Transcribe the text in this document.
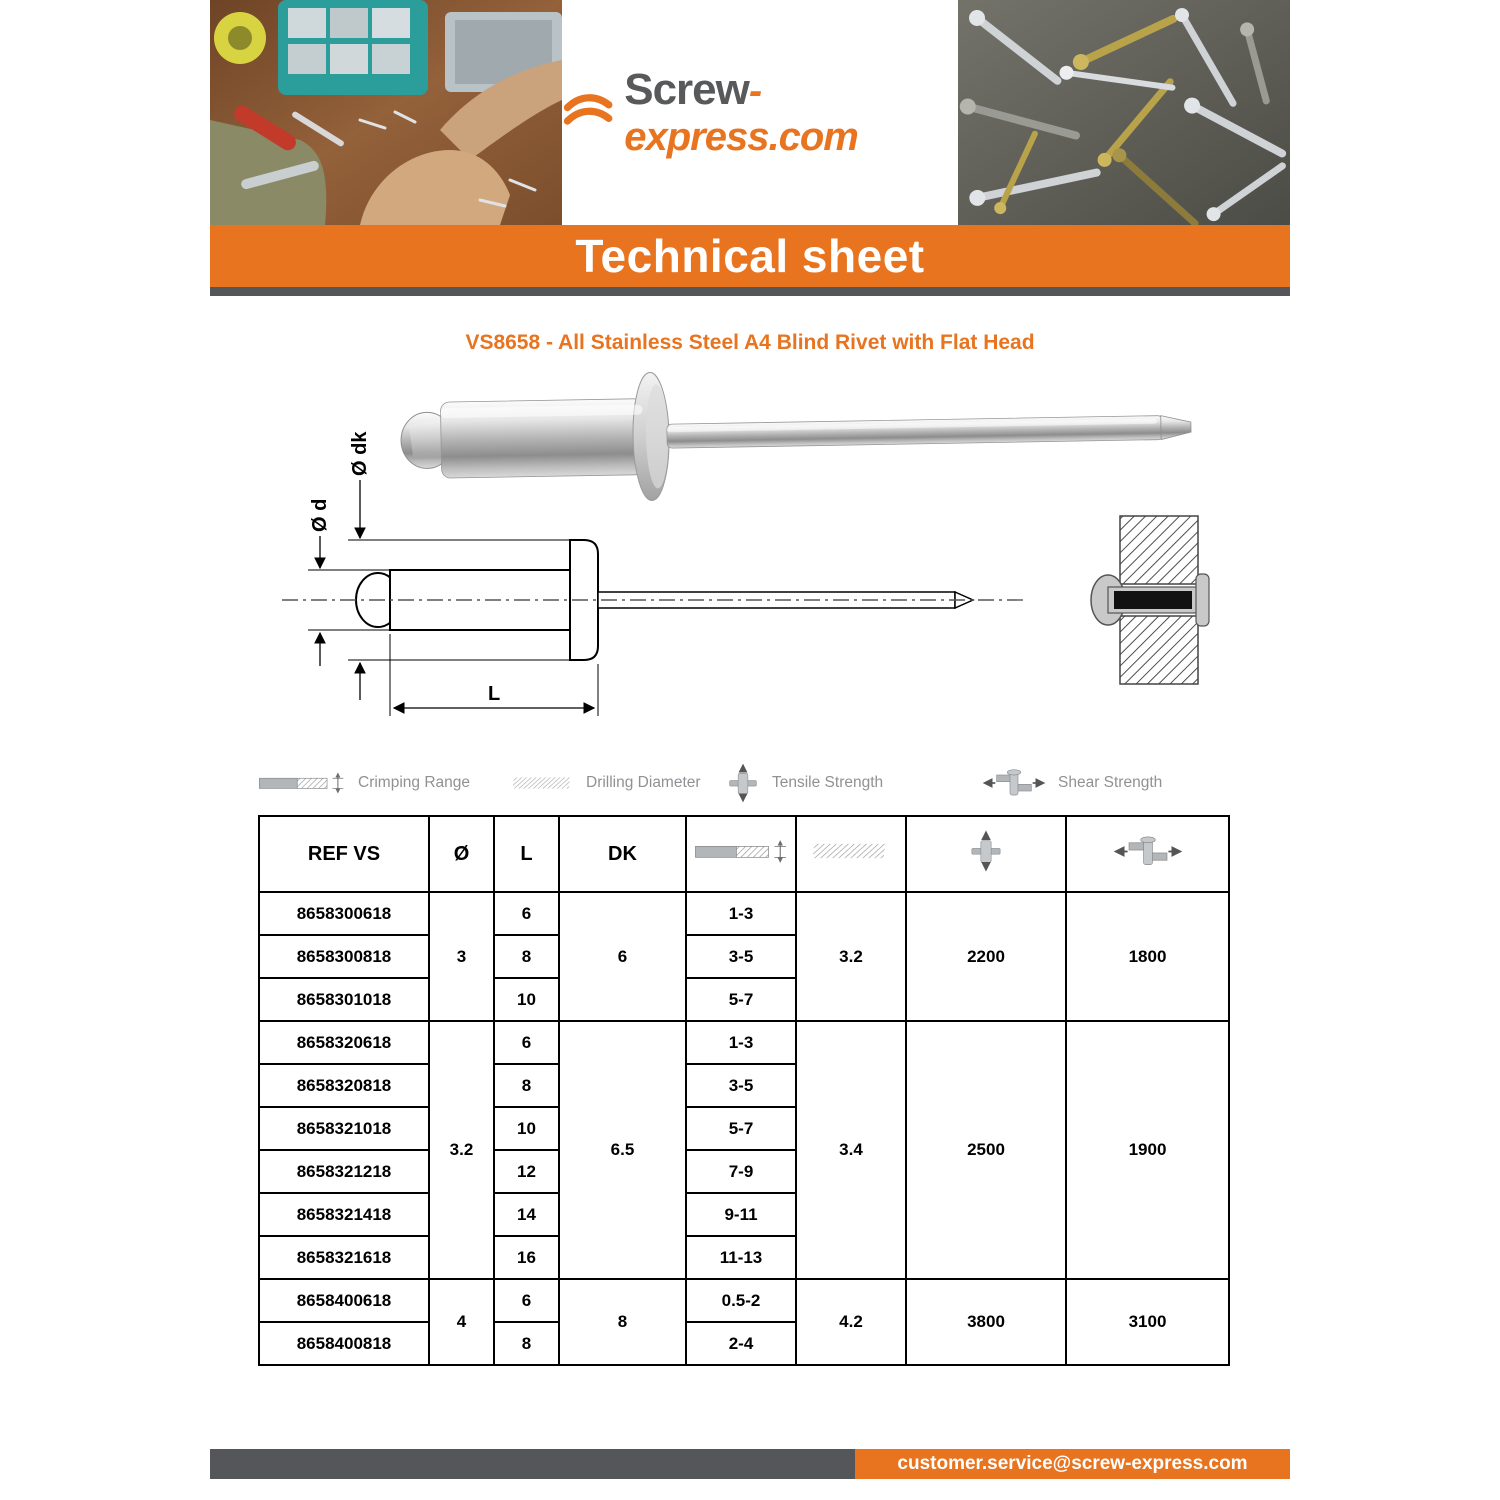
Screw-express.com
Technical sheet
VS8658 - All Stainless Steel A4 Blind Rivet with Flat Head
Ø d
Ø dk
L
Crimping Range	Drilling Diameter	Tensile Strength	Shear Strength
REF VS	Ø	L	DK				
8658300618	3	6	6	1-3	3.2	2200	1800
8658300818		8		3-5			
8658301018		10		5-7			
8658320618	3.2	6	6.5	1-3	3.4	2500	1900
8658320818		8		3-5			
8658321018		10		5-7			
8658321218		12		7-9			
8658321418		14		9-11			
8658321618		16		11-13			
8658400618	4	6	8	0.5-2	4.2	3800	3100
8658400818		8		2-4			
customer.service@screw-express.com
